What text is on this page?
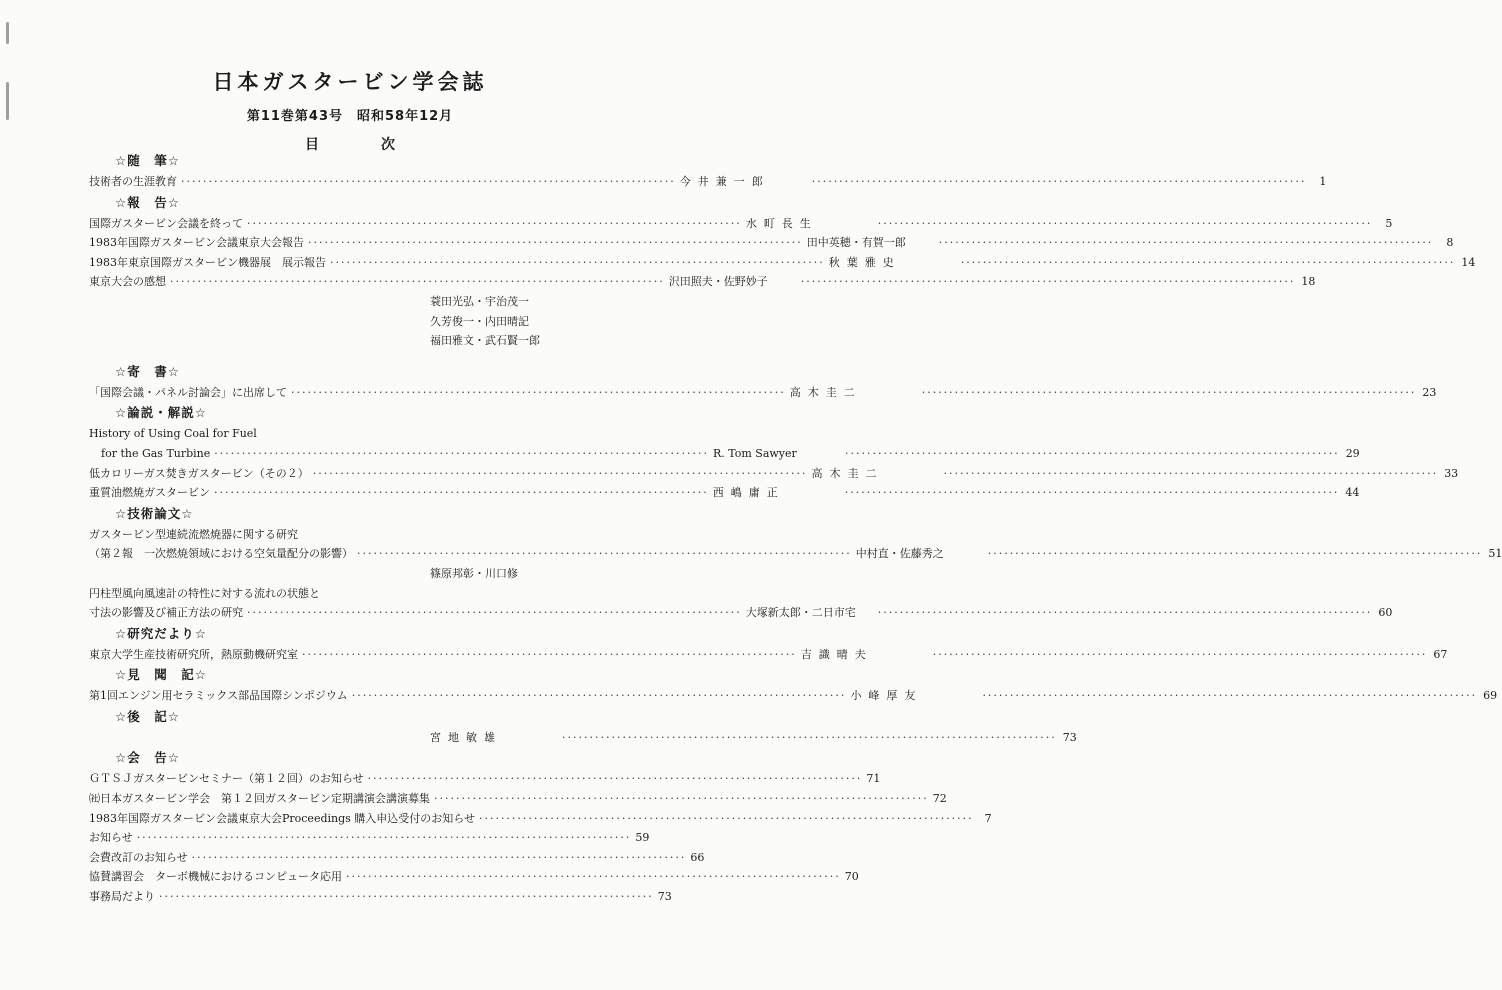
日本ガスタービン学会誌
第11巻第43号　昭和58年12月
目次
☆随　筆☆
技術者の生涯教育 ·····	今井兼一郎 ·····	1
☆報　告☆
国際ガスタービン会議を終って ·····	水町長生 ·····	5
1983年国際ガスタービン会議東京大会報告 ·····	田中英穂・有賀一郎 ·····	8
1983年東京国際ガスタービン機器展　展示報告 ·····	秋葉雅史 ·····	14
東京大会の感想 ·····	沢田照夫・佐野妙子 ·····	18
蓑田光弘・宇治茂一
久芳俊一・内田晴記
福田雅文・武石賢一郎
☆寄　書☆
「国際会議・パネル討論会」に出席して ·····	高木圭二 ·····	23
☆論説・解説☆
History of Using Coal for Fuel
for the Gas Turbine ·····	R. Tom Sawyer ·····	29
低カロリーガス焚きガスタービン（その２） ·····	高木圭二 ·····	33
重質油燃焼ガスタービン ·····	西嶋庸正 ·····	44
☆技術論文☆
ガスタービン型連続流燃焼器に関する研究
（第２報　一次燃焼領域における空気量配分の影響） ·····	中村直・佐藤秀之 ·····	51
篠原邦彰・川口修
円柱型風向風速計の特性に対する流れの状態と
寸法の影響及び補正方法の研究 ·····	大塚新太郎・二日市宅 ·····	60
☆研究だより☆
東京大学生産技術研究所，熱原動機研究室 ·····	吉識晴夫 ·····	67
☆見　聞　記☆
第1回エンジン用セラミックス部品国際シンポジウム ·····	小峰厚友 ·····	69
☆後　記☆
宮地敏雄 ·····	73
☆会　告☆
ＧＴＳＪガスタービンセミナー（第１２回）のお知らせ ·····	71
㈳日本ガスタービン学会　第１２回ガスタービン定期講演会講演募集 ·····	72
1983年国際ガスタービン会議東京大会Proceedings 購入申込受付のお知らせ ·····	7
お知らせ ·····	59
会費改訂のお知らせ ·····	66
協賛講習会　ターボ機械におけるコンピュータ応用 ·····	70
事務局だより ·····	73
